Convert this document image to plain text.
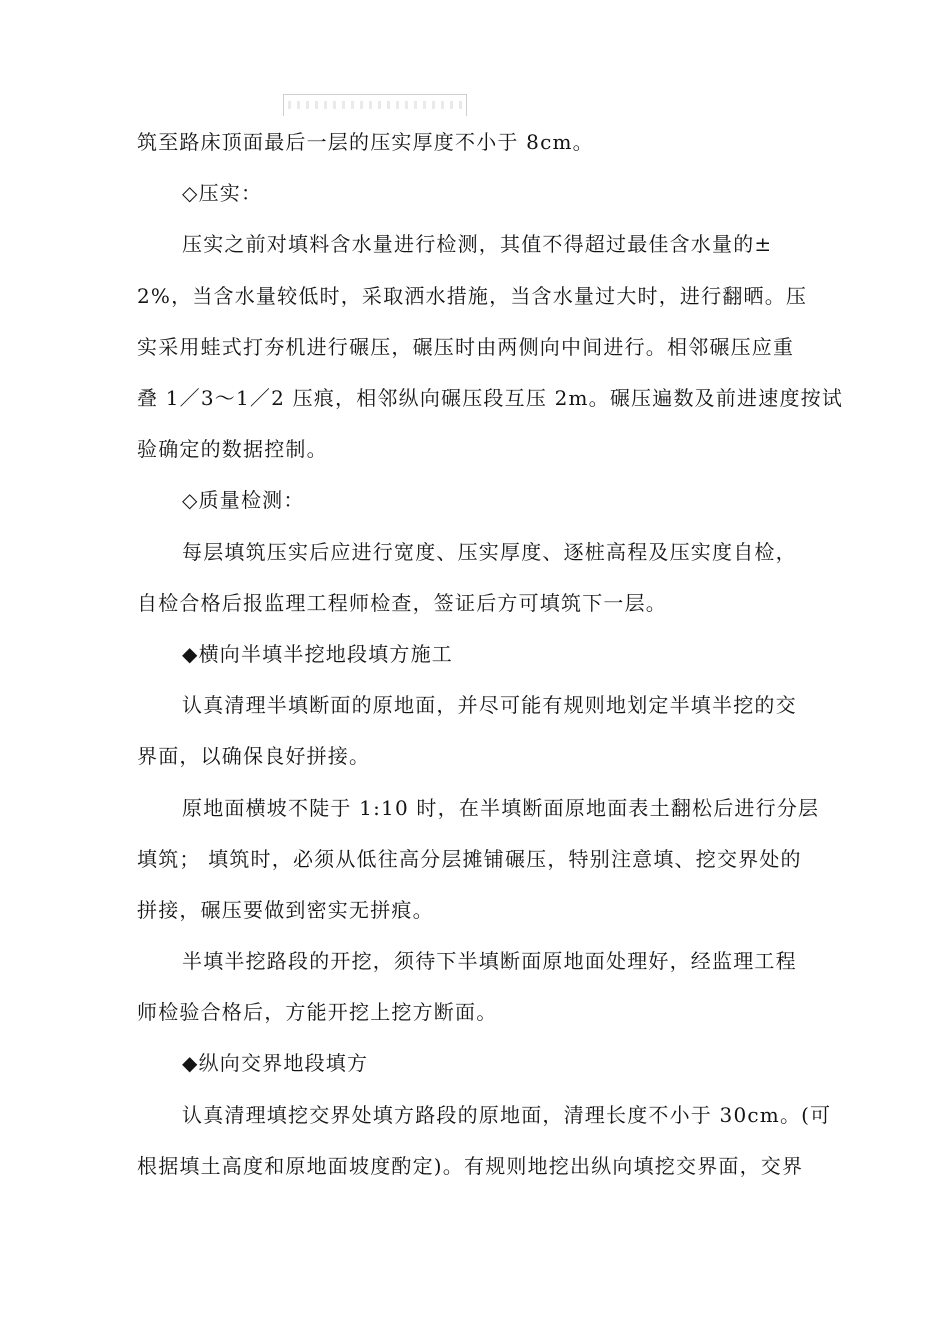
筑至路床顶面最后一层的压实厚度不小于 8cm。
◇压实：
压实之前对填料含水量进行检测，其值不得超过最佳含水量的±
2%，当含水量较低时，采取洒水措施，当含水量过大时，进行翻晒。压
实采用蛙式打夯机进行碾压，碾压时由两侧向中间进行。相邻碾压应重
叠 1／3～1／2 压痕，相邻纵向碾压段互压 2m。碾压遍数及前进速度按试
验确定的数据控制。
◇质量检测：
每层填筑压实后应进行宽度、压实厚度、逐桩高程及压实度自检，
自检合格后报监理工程师检查，签证后方可填筑下一层。
◆横向半填半挖地段填方施工
认真清理半填断面的原地面，并尽可能有规则地划定半填半挖的交
界面，以确保良好拼接。
原地面横坡不陡于 1:10 时，在半填断面原地面表土翻松后进行分层
填筑； 填筑时，必须从低往高分层摊铺碾压，特别注意填、挖交界处的
拼接，碾压要做到密实无拼痕。
半填半挖路段的开挖，须待下半填断面原地面处理好，经监理工程
师检验合格后，方能开挖上挖方断面。
◆纵向交界地段填方
认真清理填挖交界处填方路段的原地面，清理长度不小于 30cm。(可
根据填土高度和原地面坡度酌定)。有规则地挖出纵向填挖交界面，交界
